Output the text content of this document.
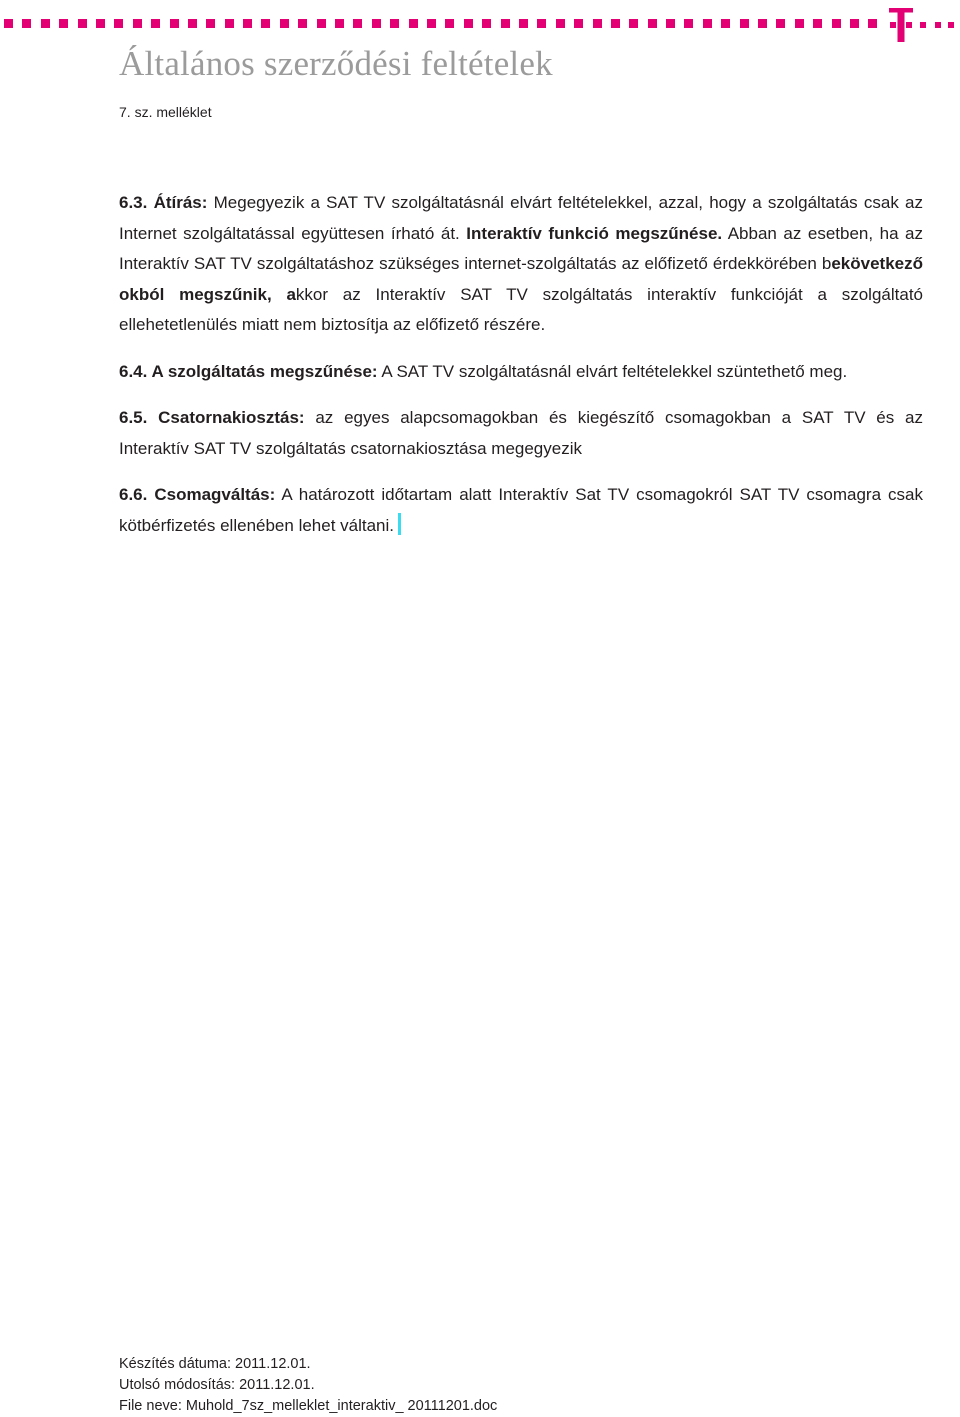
Általános szerződési feltételek
7. sz. melléklet

6.3. Átírás: Megegyezik a SAT TV szolgáltatásnál elvárt feltételekkel, azzal, hogy a szolgáltatás csak az Internet szolgáltatással együttesen írható át. Interaktív funkció megszűnése. Abban az esetben, ha az Interaktív SAT TV szolgáltatáshoz szükséges internet-szolgáltatás az előfizető érdekkörében bekövetkező okból megszűnik, akkor az Interaktív SAT TV szolgáltatás interaktív funkcióját a szolgáltató ellehetetlenülés miatt nem biztosítja az előfizető részére.

6.4. A szolgáltatás megszűnése: A SAT TV szolgáltatásnál elvárt feltételekkel szüntethető meg.

6.5. Csatornakiosztás: az egyes alapcsomagokban és kiegészítő csomagokban a SAT TV és az Interaktív SAT TV szolgáltatás csatornakiosztása megegyezik

6.6. Csomagváltás: A határozott időtartam alatt Interaktív Sat TV csomagokról SAT TV csomagra csak kötbérfizetés ellenében lehet váltani.

Készítés dátuma: 2011.12.01.
Utolsó módosítás: 2011.12.01.
File neve: Muhold_7sz_melleklet_interaktiv_ 20111201.doc
